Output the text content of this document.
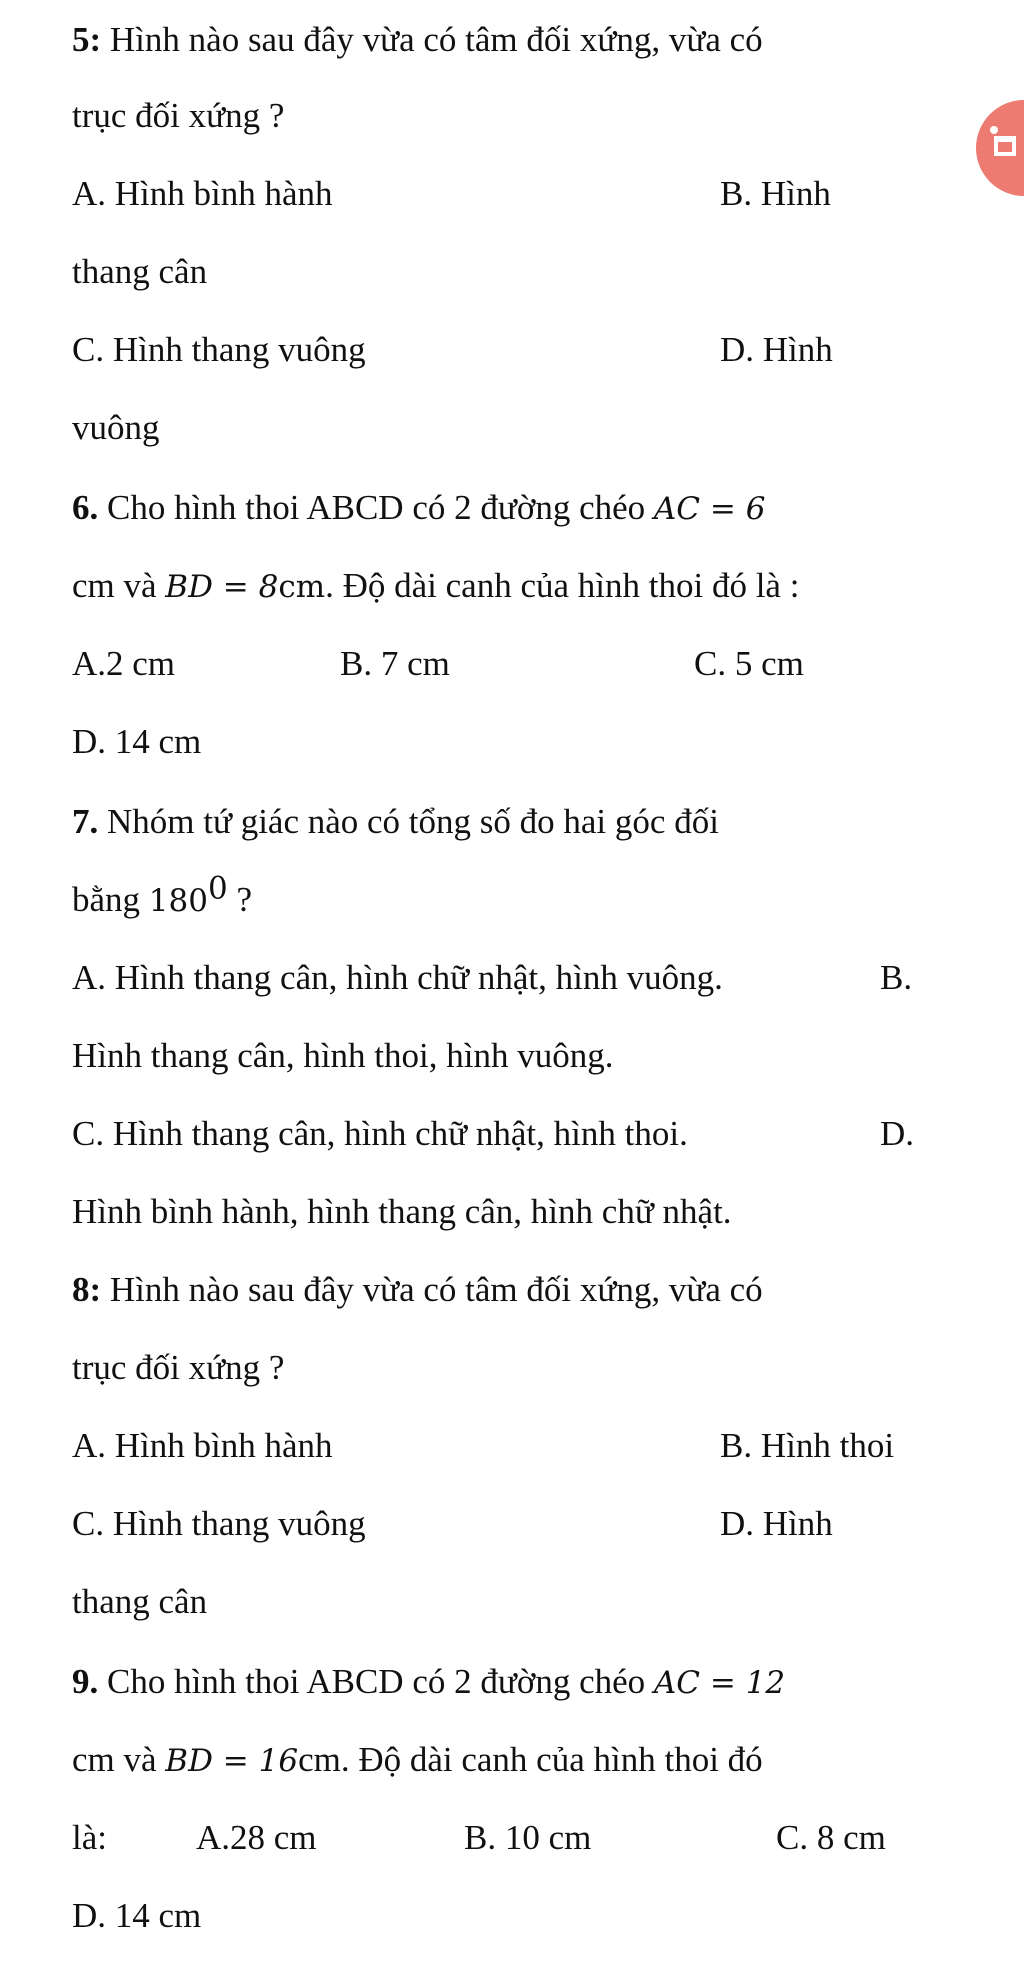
5: Hình nào sau đây vừa có tâm đối xứng, vừa có
trục đối xứng ?
A. Hình bình hành	B. Hình
thang cân
C. Hình thang vuông	D. Hình
vuông
6. Cho hình thoi ABCD có 2 đường chéo AC = 6
cm và BD = 8cm. Độ dài canh của hình thoi đó là :
A.2 cm	B. 7 cm	C. 5 cm
D. 14 cm
7. Nhóm tứ giác nào có tổng số đo hai góc đối
bằng $180^0$ ?
A. Hình thang cân, hình chữ nhật, hình vuông.	B.
Hình thang cân, hình thoi, hình vuông.
C. Hình thang cân, hình chữ nhật, hình thoi.	D.
Hình bình hành, hình thang cân, hình chữ nhật.
8: Hình nào sau đây vừa có tâm đối xứng, vừa có
trục đối xứng ?
A. Hình bình hành	B. Hình thoi
C. Hình thang vuông	D. Hình
thang cân
9. Cho hình thoi ABCD có 2 đường chéo AC = 12
cm và BD = 16cm. Độ dài canh của hình thoi đó
là:	A.28 cm	B. 10 cm	C. 8 cm
D. 14 cm
